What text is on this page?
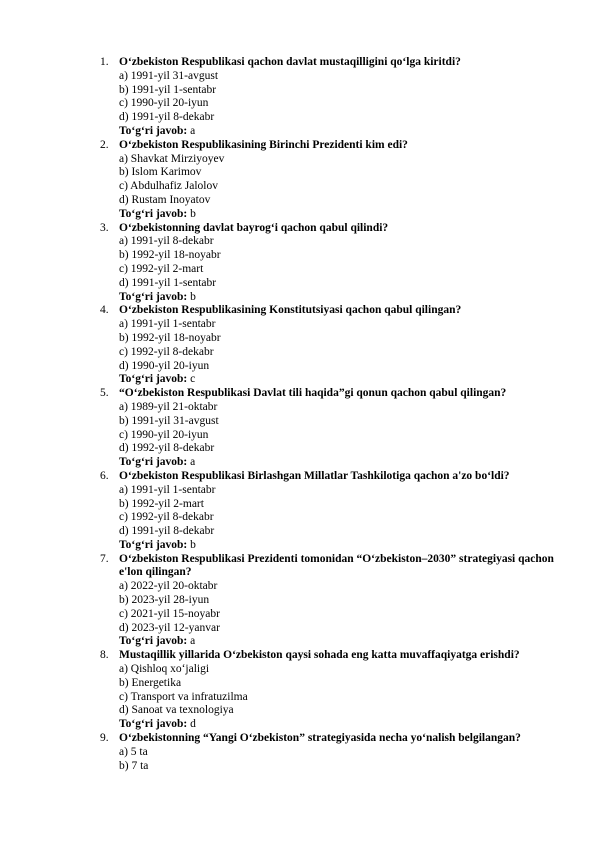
1. O‘zbekiston Respublikasi qachon davlat mustaqilligini qo‘lga kiritdi?
a) 1991-yil 31-avgust
b) 1991-yil 1-sentabr
c) 1990-yil 20-iyun
d) 1991-yil 8-dekabr
To‘g‘ri javob: a
2. O‘zbekiston Respublikasining Birinchi Prezidenti kim edi?
a) Shavkat Mirziyoyev
b) Islom Karimov
c) Abdulhafiz Jalolov
d) Rustam Inoyatov
To‘g‘ri javob: b
3. O‘zbekistonning davlat bayrog‘i qachon qabul qilindi?
a) 1991-yil 8-dekabr
b) 1992-yil 18-noyabr
c) 1992-yil 2-mart
d) 1991-yil 1-sentabr
To‘g‘ri javob: b
4. O‘zbekiston Respublikasining Konstitutsiyasi qachon qabul qilingan?
a) 1991-yil 1-sentabr
b) 1992-yil 18-noyabr
c) 1992-yil 8-dekabr
d) 1990-yil 20-iyun
To‘g‘ri javob: c
5. “O‘zbekiston Respublikasi Davlat tili haqida”gi qonun qachon qabul qilingan?
a) 1989-yil 21-oktabr
b) 1991-yil 31-avgust
c) 1990-yil 20-iyun
d) 1992-yil 8-dekabr
To‘g‘ri javob: a
6. O‘zbekiston Respublikasi Birlashgan Millatlar Tashkilotiga qachon a'zo bo‘ldi?
a) 1991-yil 1-sentabr
b) 1992-yil 2-mart
c) 1992-yil 8-dekabr
d) 1991-yil 8-dekabr
To‘g‘ri javob: b
7. O‘zbekiston Respublikasi Prezidenti tomonidan “O‘zbekiston–2030” strategiyasi qachon e'lon qilingan?
a) 2022-yil 20-oktabr
b) 2023-yil 28-iyun
c) 2021-yil 15-noyabr
d) 2023-yil 12-yanvar
To‘g‘ri javob: a
8. Mustaqillik yillarida O‘zbekiston qaysi sohada eng katta muvaffaqiyatga erishdi?
a) Qishloq xo‘jaligi
b) Energetika
c) Transport va infratuzilma
d) Sanoat va texnologiya
To‘g‘ri javob: d
9. O‘zbekistonning “Yangi O‘zbekiston” strategiyasida necha yo‘nalish belgilangan?
a) 5 ta
b) 7 ta
